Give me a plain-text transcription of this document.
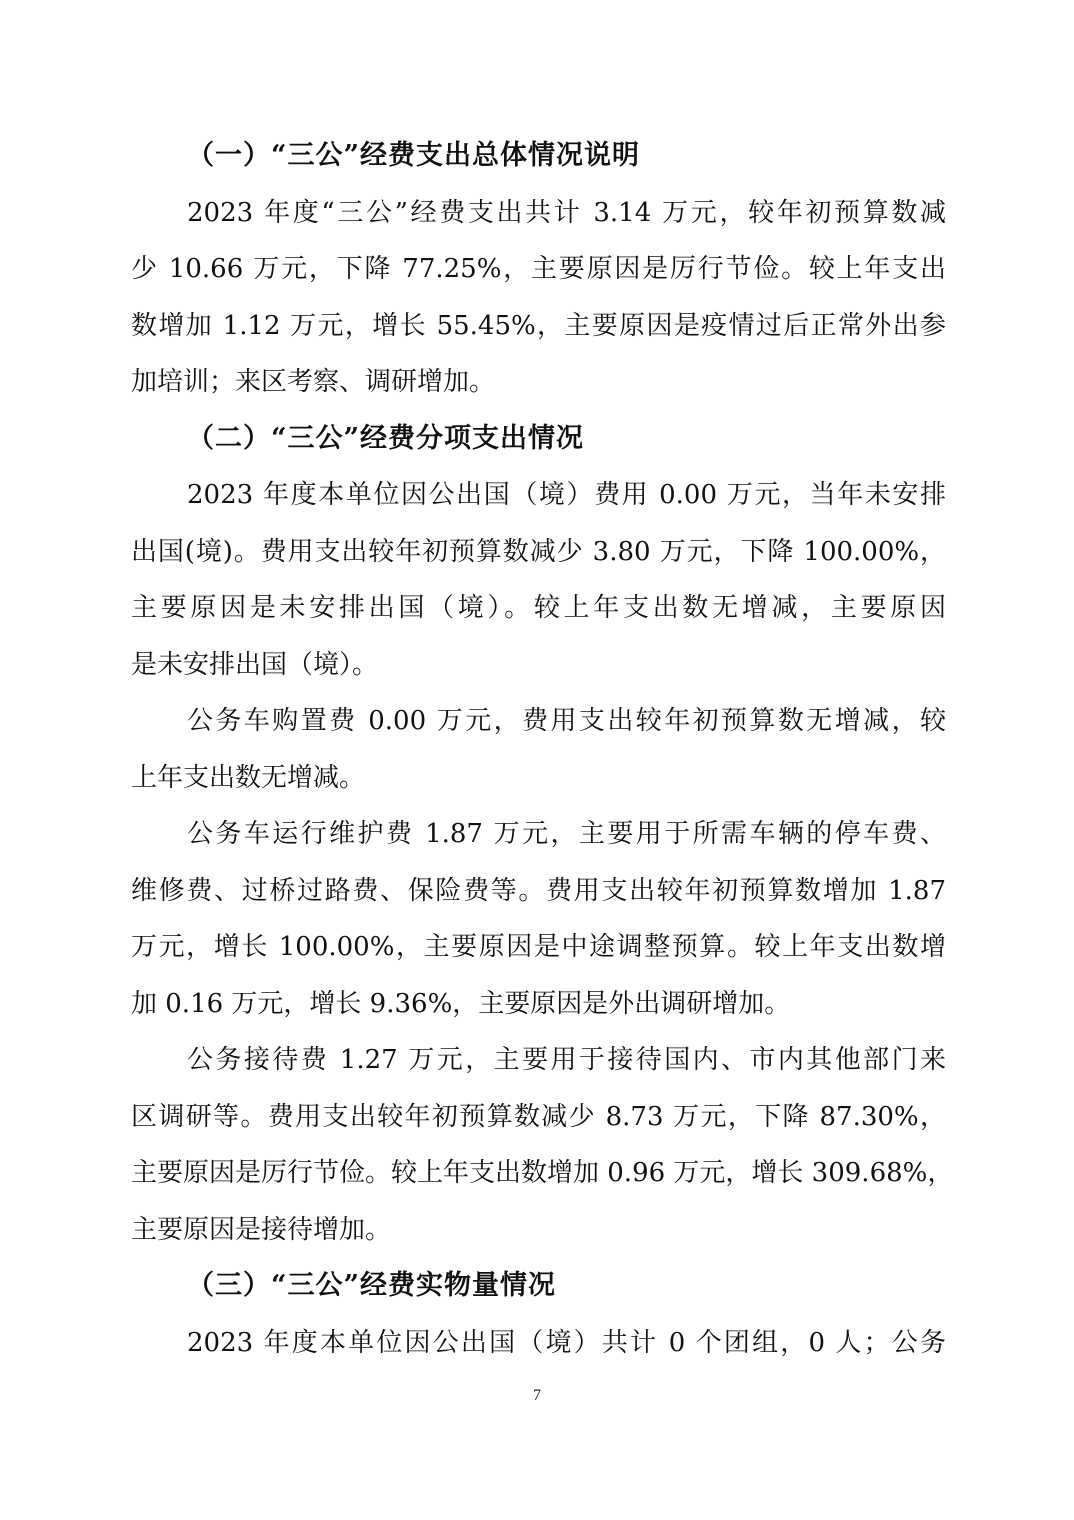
（一）“三公”经费支出总体情况说明

2023 年度“三公”经费支出共计 3.14 万元，较年初预算数减
少 10.66 万元，下降 77.25%，主要原因是厉行节俭。较上年支出
数增加 1.12 万元，增长 55.45%，主要原因是疫情过后正常外出参
加培训；来区考察、调研增加。

（二）“三公”经费分项支出情况

2023 年度本单位因公出国（境）费用 0.00 万元，当年未安排
出国(境)。费用支出较年初预算数减少 3.80 万元，下降 100.00%，
主要原因是未安排出国（境）。较上年支出数无增减，主要原因
是未安排出国（境）。

公务车购置费 0.00 万元，费用支出较年初预算数无增减，较
上年支出数无增减。

公务车运行维护费 1.87 万元，主要用于所需车辆的停车费、
维修费、过桥过路费、保险费等。费用支出较年初预算数增加 1.87
万元，增长 100.00%，主要原因是中途调整预算。较上年支出数增
加 0.16 万元，增长 9.36%，主要原因是外出调研增加。

公务接待费 1.27 万元，主要用于接待国内、市内其他部门来
区调研等。费用支出较年初预算数减少 8.73 万元，下降 87.30%，
主要原因是厉行节俭。较上年支出数增加 0.96 万元，增长 309.68%，
主要原因是接待增加。

（三）“三公”经费实物量情况

2023 年度本单位因公出国（境）共计 0 个团组，0 人；公务

7
